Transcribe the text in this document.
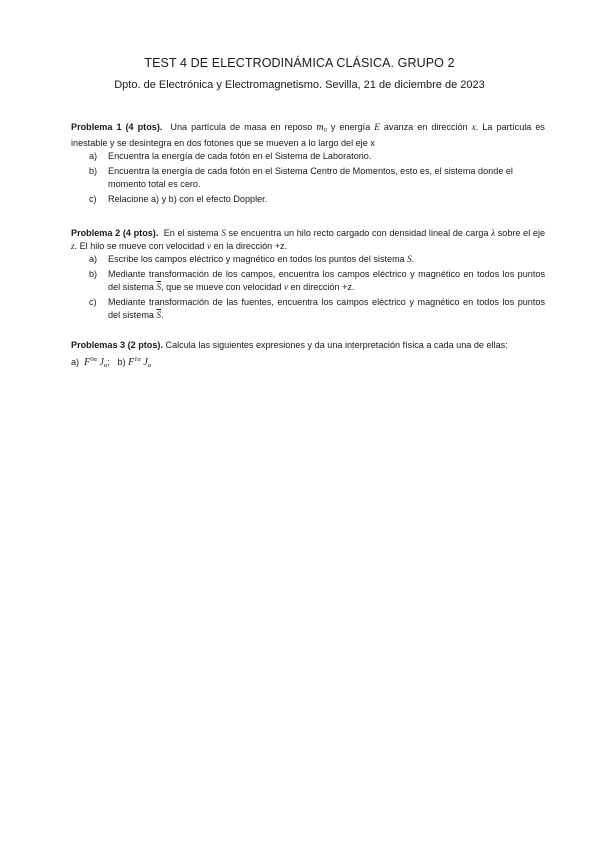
TEST 4 DE ELECTRODINÁMICA CLÁSICA. GRUPO 2
Dpto. de Electrónica y Electromagnetismo. Sevilla, 21 de diciembre de 2023
Problema 1 (4 ptos). Una partícula de masa en reposo $m_0$ y energía E avanza en dirección x. La partícula es inestable y se desintegra en dos fotones que se mueven a lo largo del eje x
a) Encuentra la energía de cada fotón en el Sistema de Laboratorio.
b) Encuentra la energía de cada fotón en el Sistema Centro de Momentos, esto es, el sistema donde el momento total es cero.
c) Relacione a) y b) con el efecto Doppler.
Problema 2 (4 ptos). En el sistema S se encuentra un hilo recto cargado con densidad lineal de carga λ sobre el eje z. El hilo se mueve con velocidad v en la dirección +z.
a) Escribe los campos eléctrico y magnético en todos los puntos del sistema S.
b) Mediante transformación de los campos, encuentra los campos eléctrico y magnético en todos los puntos del sistema $\overline{S}$, que se mueve con velocidad v en dirección +z.
c) Mediante transformación de las fuentes, encuentra los campos eléctrico y magnético en todos los puntos del sistema $\overline{S}$.
Problemas 3 (2 ptos). Calcula las siguientes expresiones y da una interpretación física a cada una de ellas:
a) $F^{0\alpha}$ $J_\alpha$; b) $F^{1\alpha}$ $J_\alpha$
